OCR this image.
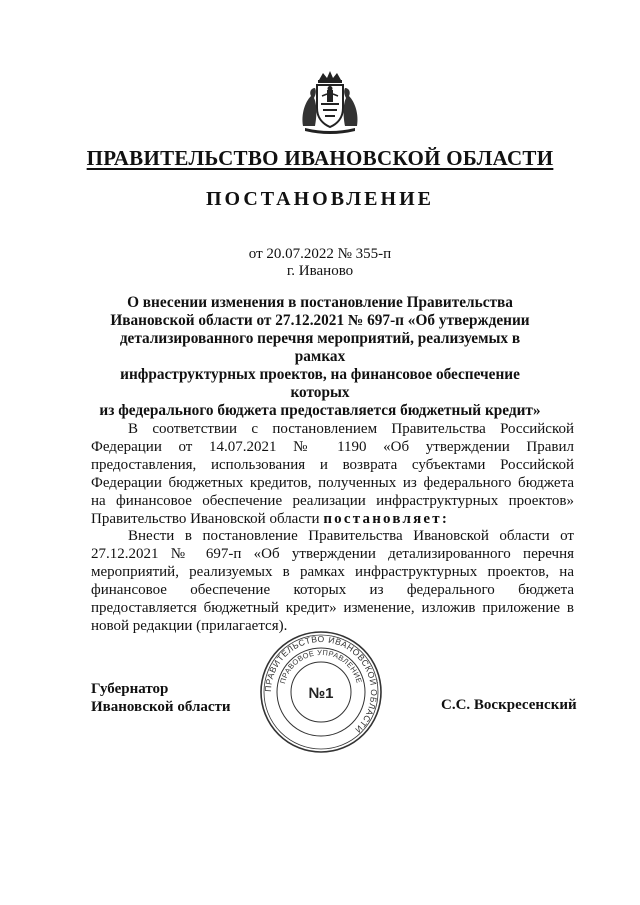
ПРАВИТЕЛЬСТВО ИВАНОВСКОЙ ОБЛАСТИ
ПОСТАНОВЛЕНИЕ
от 20.07.2022 № 355-п
г. Иваново
О внесении изменения в постановление Правительства
Ивановской области от 27.12.2021 № 697-п «Об утверждении
детализированного перечня мероприятий, реализуемых в рамках
инфраструктурных проектов, на финансовое обеспечение которых
из федерального бюджета предоставляется бюджетный кредит»

В соответствии с постановлением Правительства Российской Федерации от 14.07.2021 № 1190 «Об утверждении Правил предоставления, использования и возврата субъектами Российской Федерации бюджетных кредитов, полученных из федерального бюджета на финансовое обеспечение реализации инфраструктурных проектов» Правительство Ивановской области постановляет:

Внести в постановление Правительства Ивановской области от 27.12.2021 № 697-п «Об утверждении детализированного перечня мероприятий, реализуемых в рамках инфраструктурных проектов, на финансовое обеспечение которых из федерального бюджета предоставляется бюджетный кредит» изменение, изложив приложение в новой редакции (прилагается).

Губернатор
Ивановской области	С.С. Воскресенский
ПРАВИТЕЛЬСТВО ИВАНОВСКОЙ ОБЛАСТИ
ПРАВОВОЕ УПРАВЛЕНИЕ
№1
